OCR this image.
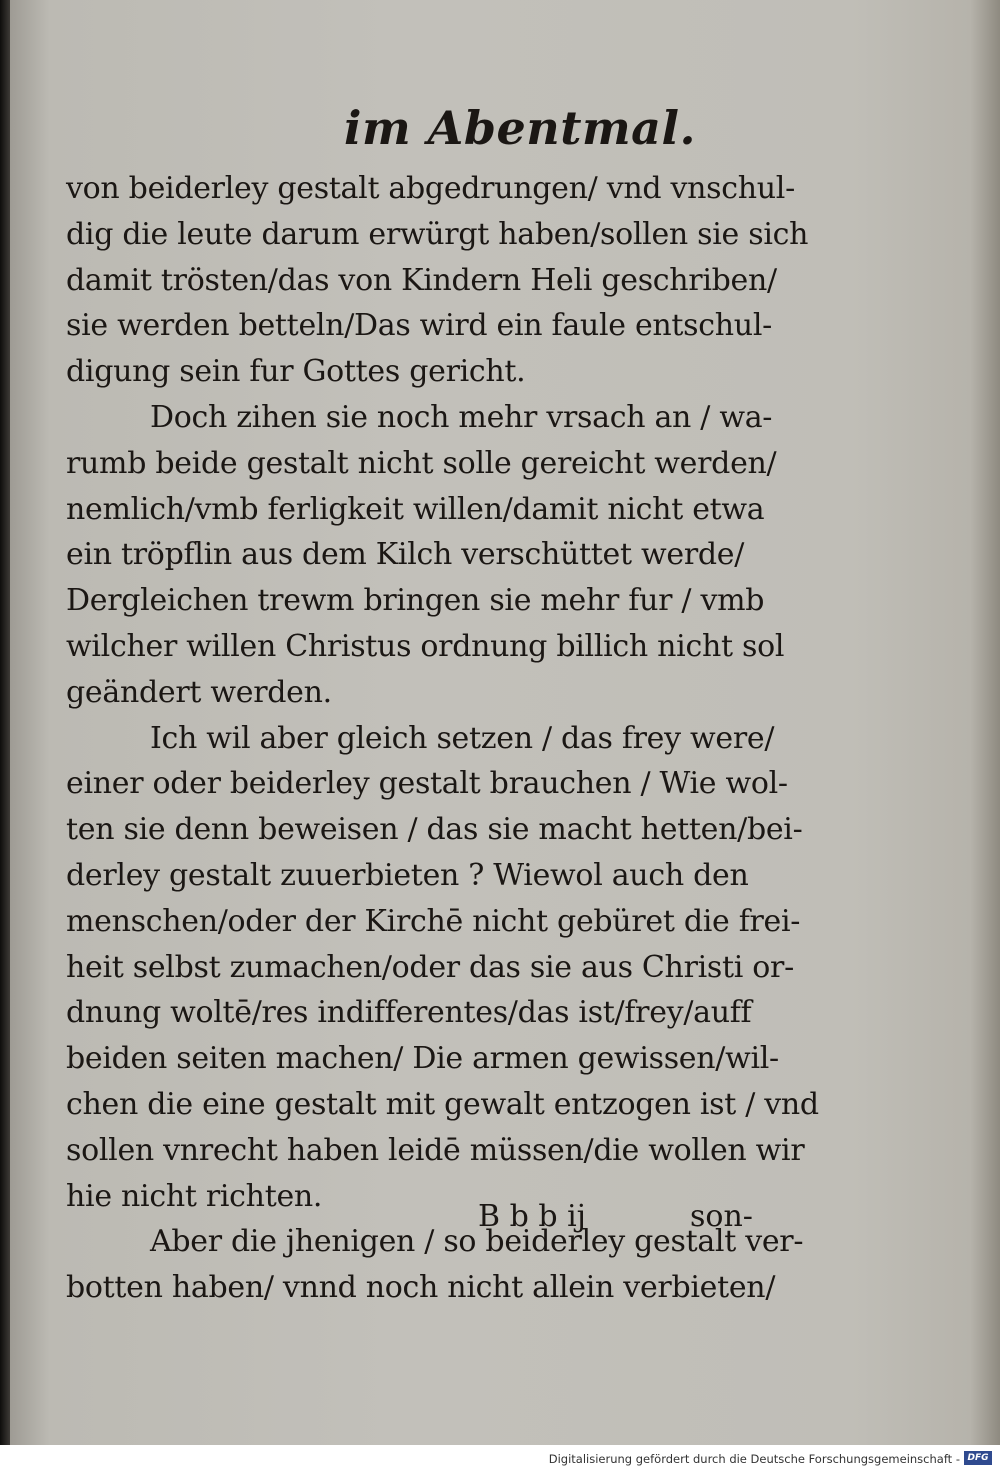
im Abentmal.
von beiderley gestalt abgedrungen/ vnd vnschul-
dig die leute darum erwürgt haben/sollen sie sich
damit trösten/das von Kindern Heli geschriben/
sie werden betteln/Das wird ein faule entschul-
digung sein fur Gottes gericht.
Doch zihen sie noch mehr vrsach an / wa-
rumb beide gestalt nicht solle gereicht werden/
nemlich/vmb ferligkeit willen/damit nicht etwa
ein tröpflin aus dem Kilch verschüttet werde/
Dergleichen trewm bringen sie mehr fur / vmb
wilcher willen Christus ordnung billich nicht sol
geändert werden.
Ich wil aber gleich setzen / das frey were/
einer oder beiderley gestalt brauchen / Wie wol-
ten sie denn beweisen / das sie macht hetten/bei-
derley gestalt zuuerbieten ? Wiewol auch den
menschen/oder der Kirchē nicht gebüret die frei-
heit selbst zumachen/oder das sie aus Christi or-
dnung woltē/res indifferentes/das ist/frey/auff
beiden seiten machen/ Die armen gewissen/wil-
chen die eine gestalt mit gewalt entzogen ist / vnd
sollen vnrecht haben leidē müssen/die wollen wir
hie nicht richten.
Aber die jhenigen / so beiderley gestalt ver-
botten haben/ vnnd noch nicht allein verbieten/
B b b ij	son-
Digitalisierung gefördert durch die Deutsche Forschungsgemeinschaft - DFG
